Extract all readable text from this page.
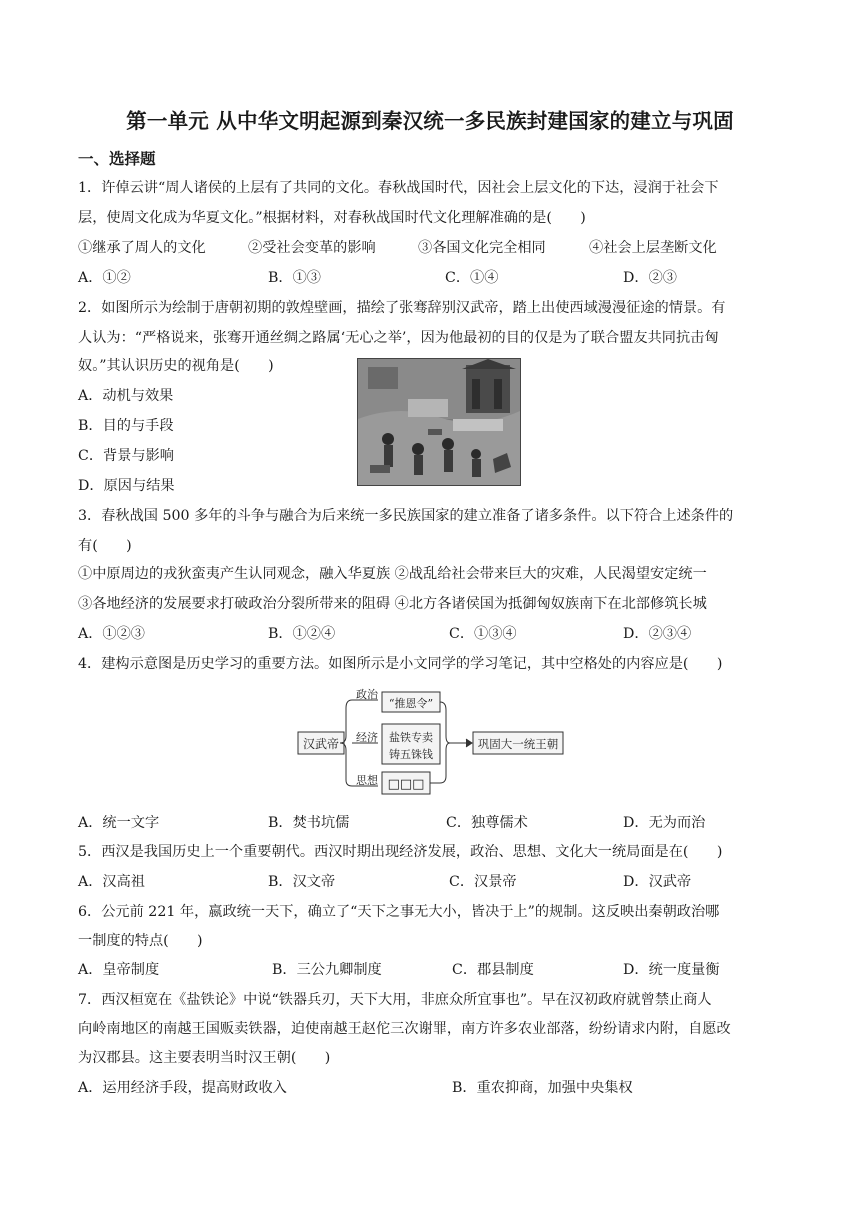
第一单元 从中华文明起源到秦汉统一多民族封建国家的建立与巩固
一、选择题
1．许倬云讲“周人诸侯的上层有了共同的文化。春秋战国时代，因社会上层文化的下达，浸润于社会下
层，使周文化成为华夏文化。”根据材料，对春秋战国时代文化理解准确的是(　　)
①继承了周人的文化	②受社会变革的影响	③各国文化完全相同	④社会上层垄断文化
A．①②	B．①③	C．①④	D．②③
2．如图所示为绘制于唐朝初期的敦煌壁画，描绘了张骞辞别汉武帝，踏上出使西域漫漫征途的情景。有
人认为：“严格说来，张骞开通丝绸之路属‘无心之举’，因为他最初的目的仅是为了联合盟友共同抗击匈
奴。”其认识历史的视角是(　　)
A．动机与效果
B．目的与手段
C．背景与影响
D．原因与结果
3．春秋战国 500 多年的斗争与融合为后来统一多民族国家的建立准备了诸多条件。以下符合上述条件的
有(　　)
①中原周边的戎狄蛮夷产生认同观念，融入华夏族 ②战乱给社会带来巨大的灾难，人民渴望安定统一
③各地经济的发展要求打破政治分裂所带来的阻碍 ④北方各诸侯国为抵御匈奴族南下在北部修筑长城
A．①②③	B．①②④	C．①③④	D．②③④
4．建构示意图是历史学习的重要方法。如图所示是小文同学的学习笔记，其中空格处的内容应是(　　)
汉武帝
政治
经济
思想
“推恩令”
盐铁专卖
铸五铢钱
□□□
巩固大一统王朝
A．统一文字	B．焚书坑儒	C．独尊儒术	D．无为而治
5．西汉是我国历史上一个重要朝代。西汉时期出现经济发展，政治、思想、文化大一统局面是在(　　)
A．汉高祖	B．汉文帝	C．汉景帝	D．汉武帝
6．公元前 221 年，嬴政统一天下，确立了“天下之事无大小，皆决于上”的规制。这反映出秦朝政治哪
一制度的特点(　　)
A．皇帝制度	B．三公九卿制度	C．郡县制度	D．统一度量衡
7．西汉桓宽在《盐铁论》中说“铁器兵刃，天下大用，非庶众所宜事也”。早在汉初政府就曾禁止商人
向岭南地区的南越王国贩卖铁器，迫使南越王赵佗三次谢罪，南方许多农业部落，纷纷请求内附，自愿改
为汉郡县。这主要表明当时汉王朝(　　)
A．运用经济手段，提高财政收入	B．重农抑商，加强中央集权
